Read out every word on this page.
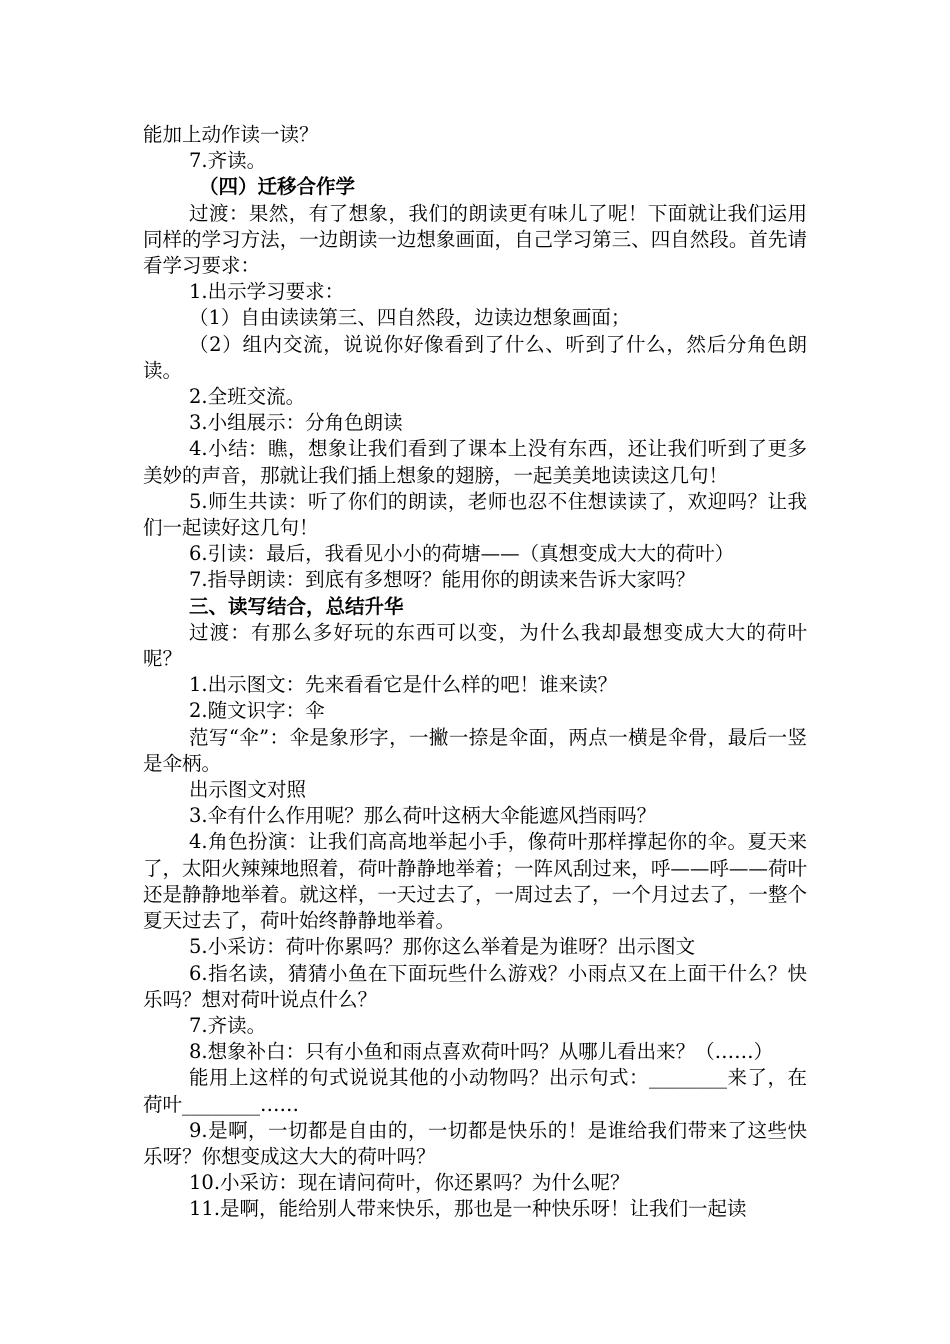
能加上动作读一读？

7.齐读。

（四）迁移合作学

过渡：果然，有了想象，我们的朗读更有味儿了呢！下面就让我们运用同样的学习方法，一边朗读一边想象画面，自己学习第三、四自然段。首先请看学习要求：

1.出示学习要求：

（1）自由读读第三、四自然段，边读边想象画面；

（2）组内交流，说说你好像看到了什么、听到了什么，然后分角色朗读。

2.全班交流。

3.小组展示：分角色朗读

4.小结：瞧，想象让我们看到了课本上没有东西，还让我们听到了更多美妙的声音，那就让我们插上想象的翅膀，一起美美地读读这几句！

5.师生共读：听了你们的朗读，老师也忍不住想读读了，欢迎吗？让我们一起读好这几句！

6.引读：最后，我看见小小的荷塘——（真想变成大大的荷叶）

7.指导朗读：到底有多想呀？能用你的朗读来告诉大家吗？

三、读写结合，总结升华

过渡：有那么多好玩的东西可以变，为什么我却最想变成大大的荷叶呢？

1.出示图文：先来看看它是什么样的吧！谁来读？

2.随文识字：伞

范写“伞”：伞是象形字，一撇一捺是伞面，两点一横是伞骨，最后一竖是伞柄。

出示图文对照

3.伞有什么作用呢？那么荷叶这柄大伞能遮风挡雨吗？

4.角色扮演：让我们高高地举起小手，像荷叶那样撑起你的伞。夏天来了，太阳火辣辣地照着，荷叶静静地举着；一阵风刮过来，呼——呼——荷叶还是静静地举着。就这样，一天过去了，一周过去了，一个月过去了，一整个夏天过去了，荷叶始终静静地举着。

5.小采访：荷叶你累吗？那你这么举着是为谁呀？出示图文

6.指名读，猜猜小鱼在下面玩些什么游戏？小雨点又在上面干什么？快乐吗？想对荷叶说点什么？

7.齐读。

8.想象补白：只有小鱼和雨点喜欢荷叶吗？从哪儿看出来？（……）

能用上这样的句式说说其他的小动物吗？出示句式：________来了，在荷叶________……

9.是啊，一切都是自由的，一切都是快乐的！是谁给我们带来了这些快乐呀？你想变成这大大的荷叶吗？

10.小采访：现在请问荷叶，你还累吗？为什么呢？

11.是啊，能给别人带来快乐，那也是一种快乐呀！让我们一起读
